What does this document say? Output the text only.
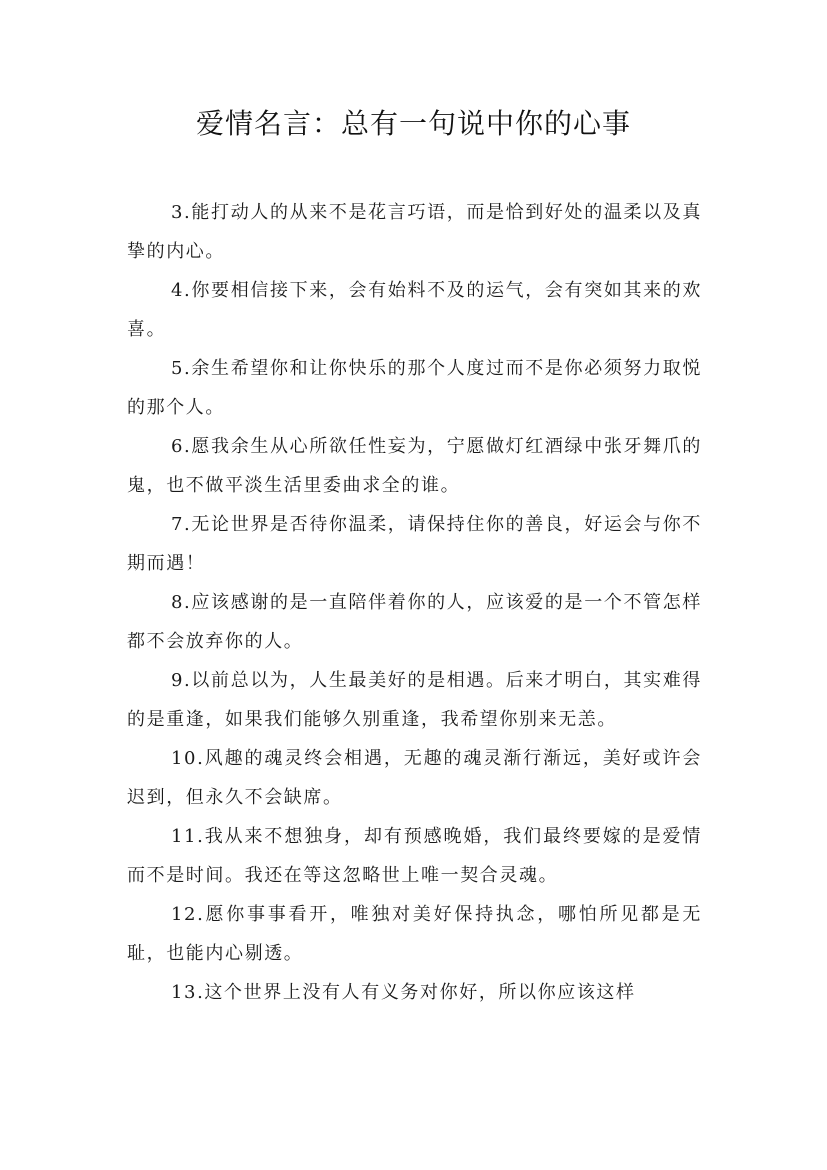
爱情名言：总有一句说中你的心事

3.能打动人的从来不是花言巧语，而是恰到好处的温柔以及真挚的内心。

4.你要相信接下来，会有始料不及的运气，会有突如其来的欢喜。

5.余生希望你和让你快乐的那个人度过而不是你必须努力取悦的那个人。

6.愿我余生从心所欲任性妄为，宁愿做灯红酒绿中张牙舞爪的鬼，也不做平淡生活里委曲求全的谁。

7.无论世界是否待你温柔，请保持住你的善良，好运会与你不期而遇！

8.应该感谢的是一直陪伴着你的人，应该爱的是一个不管怎样都不会放弃你的人。

9.以前总以为，人生最美好的是相遇。后来才明白，其实难得的是重逢，如果我们能够久别重逢，我希望你别来无恙。

10.风趣的魂灵终会相遇，无趣的魂灵渐行渐远，美好或许会迟到，但永久不会缺席。

11.我从来不想独身，却有预感晚婚，我们最终要嫁的是爱情而不是时间。我还在等这忽略世上唯一契合灵魂。

12.愿你事事看开，唯独对美好保持执念，哪怕所见都是无耻，也能内心剔透。

13.这个世界上没有人有义务对你好，所以你应该这样
